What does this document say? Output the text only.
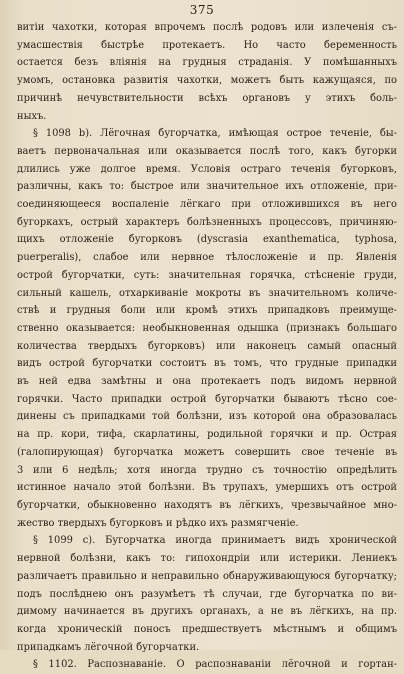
375
витіи чахотки, которая впрочемъ послѣ родовъ или излеченія съ-
умасшествія быстрѣе протекаетъ. Но часто беременность
остается безъ вліянія на грудныя страданія. У помѣшанныхъ
умомъ, остановка развитія чахотки, можетъ быть кажущаяся, по
причинѣ нечувствительности всѣхъ органовъ у этихъ боль-
ныхъ.
§ 1098 b). Лёгочная бугорчатка, имѣющая острое теченіе, бы-
ваетъ первоначальная или оказывается послѣ того, какъ бугорки
длились уже долгое время. Условія остраго теченія бугорковъ,
различны, какъ то: быстрое или значительное ихъ отложеніе, при-
соединяющееся воспаленіе лёгкаго при отложившихся въ него
бугоркахъ, острый характеръ болѣзненныхъ процессовъ, причиняю-
щихъ отложеніе бугорковъ (dyscrasia exanthematica, typhosa,
puerperalis), слабое или нервное тѣлосложеніе и пр. Явленія
острой бугорчатки, суть: значительная горячка, стѣсненіе груди,
сильный кашель, отхаркиваніе мокроты въ значительномъ количе-
ствѣ и грудныя боли или кромѣ этихъ припадковъ преимуще-
ственно оказывается: необыкновенная одышка (признакъ большаго
количества твердыхъ бугорковъ) или наконецъ самый опасный
видъ острой бугорчатки состоитъ въ томъ, что грудные припадки
въ ней едва замѣтны и она протекаетъ подъ видомъ нервной
горячки. Часто припадки острой бугорчатки бываютъ тѣсно сое-
динены съ припадками той болѣзни, изъ которой она образовалась
на пр. кори, тифа, скарлатины, родильной горячки и пр. Острая
(галопирующая) бугорчатка можетъ совершить свое теченіе въ
3 или 6 недѣль; хотя иногда трудно съ точностію опредѣлить
истинное начало этой болѣзни. Въ трупахъ, умершихъ отъ острой
бугорчатки, обыкновенно находятъ въ лёгкихъ, чрезвычайное мно-
жество твердыхъ бугорковъ и рѣдко ихъ размягченіе.
§ 1099 c). Бугорчатка иногда принимаетъ видъ хронической
нервной болѣзни, какъ то: гипохондріи или истерики. Лениекъ
различаетъ правильно и неправильно обнаруживающуюся бугорчатку;
подъ послѣднею онъ разумѣетъ тѣ случаи, где бугорчатка по ви-
димому начинается въ другихъ органахъ, а не въ лёгкихъ, на пр.
когда хроническій поносъ предшествуетъ мѣстнымъ и общимъ
припадкамъ лёгочной бугорчатки.
§ 1102. Распознаваніе. О распознаваніи лёгочной и гортан-
